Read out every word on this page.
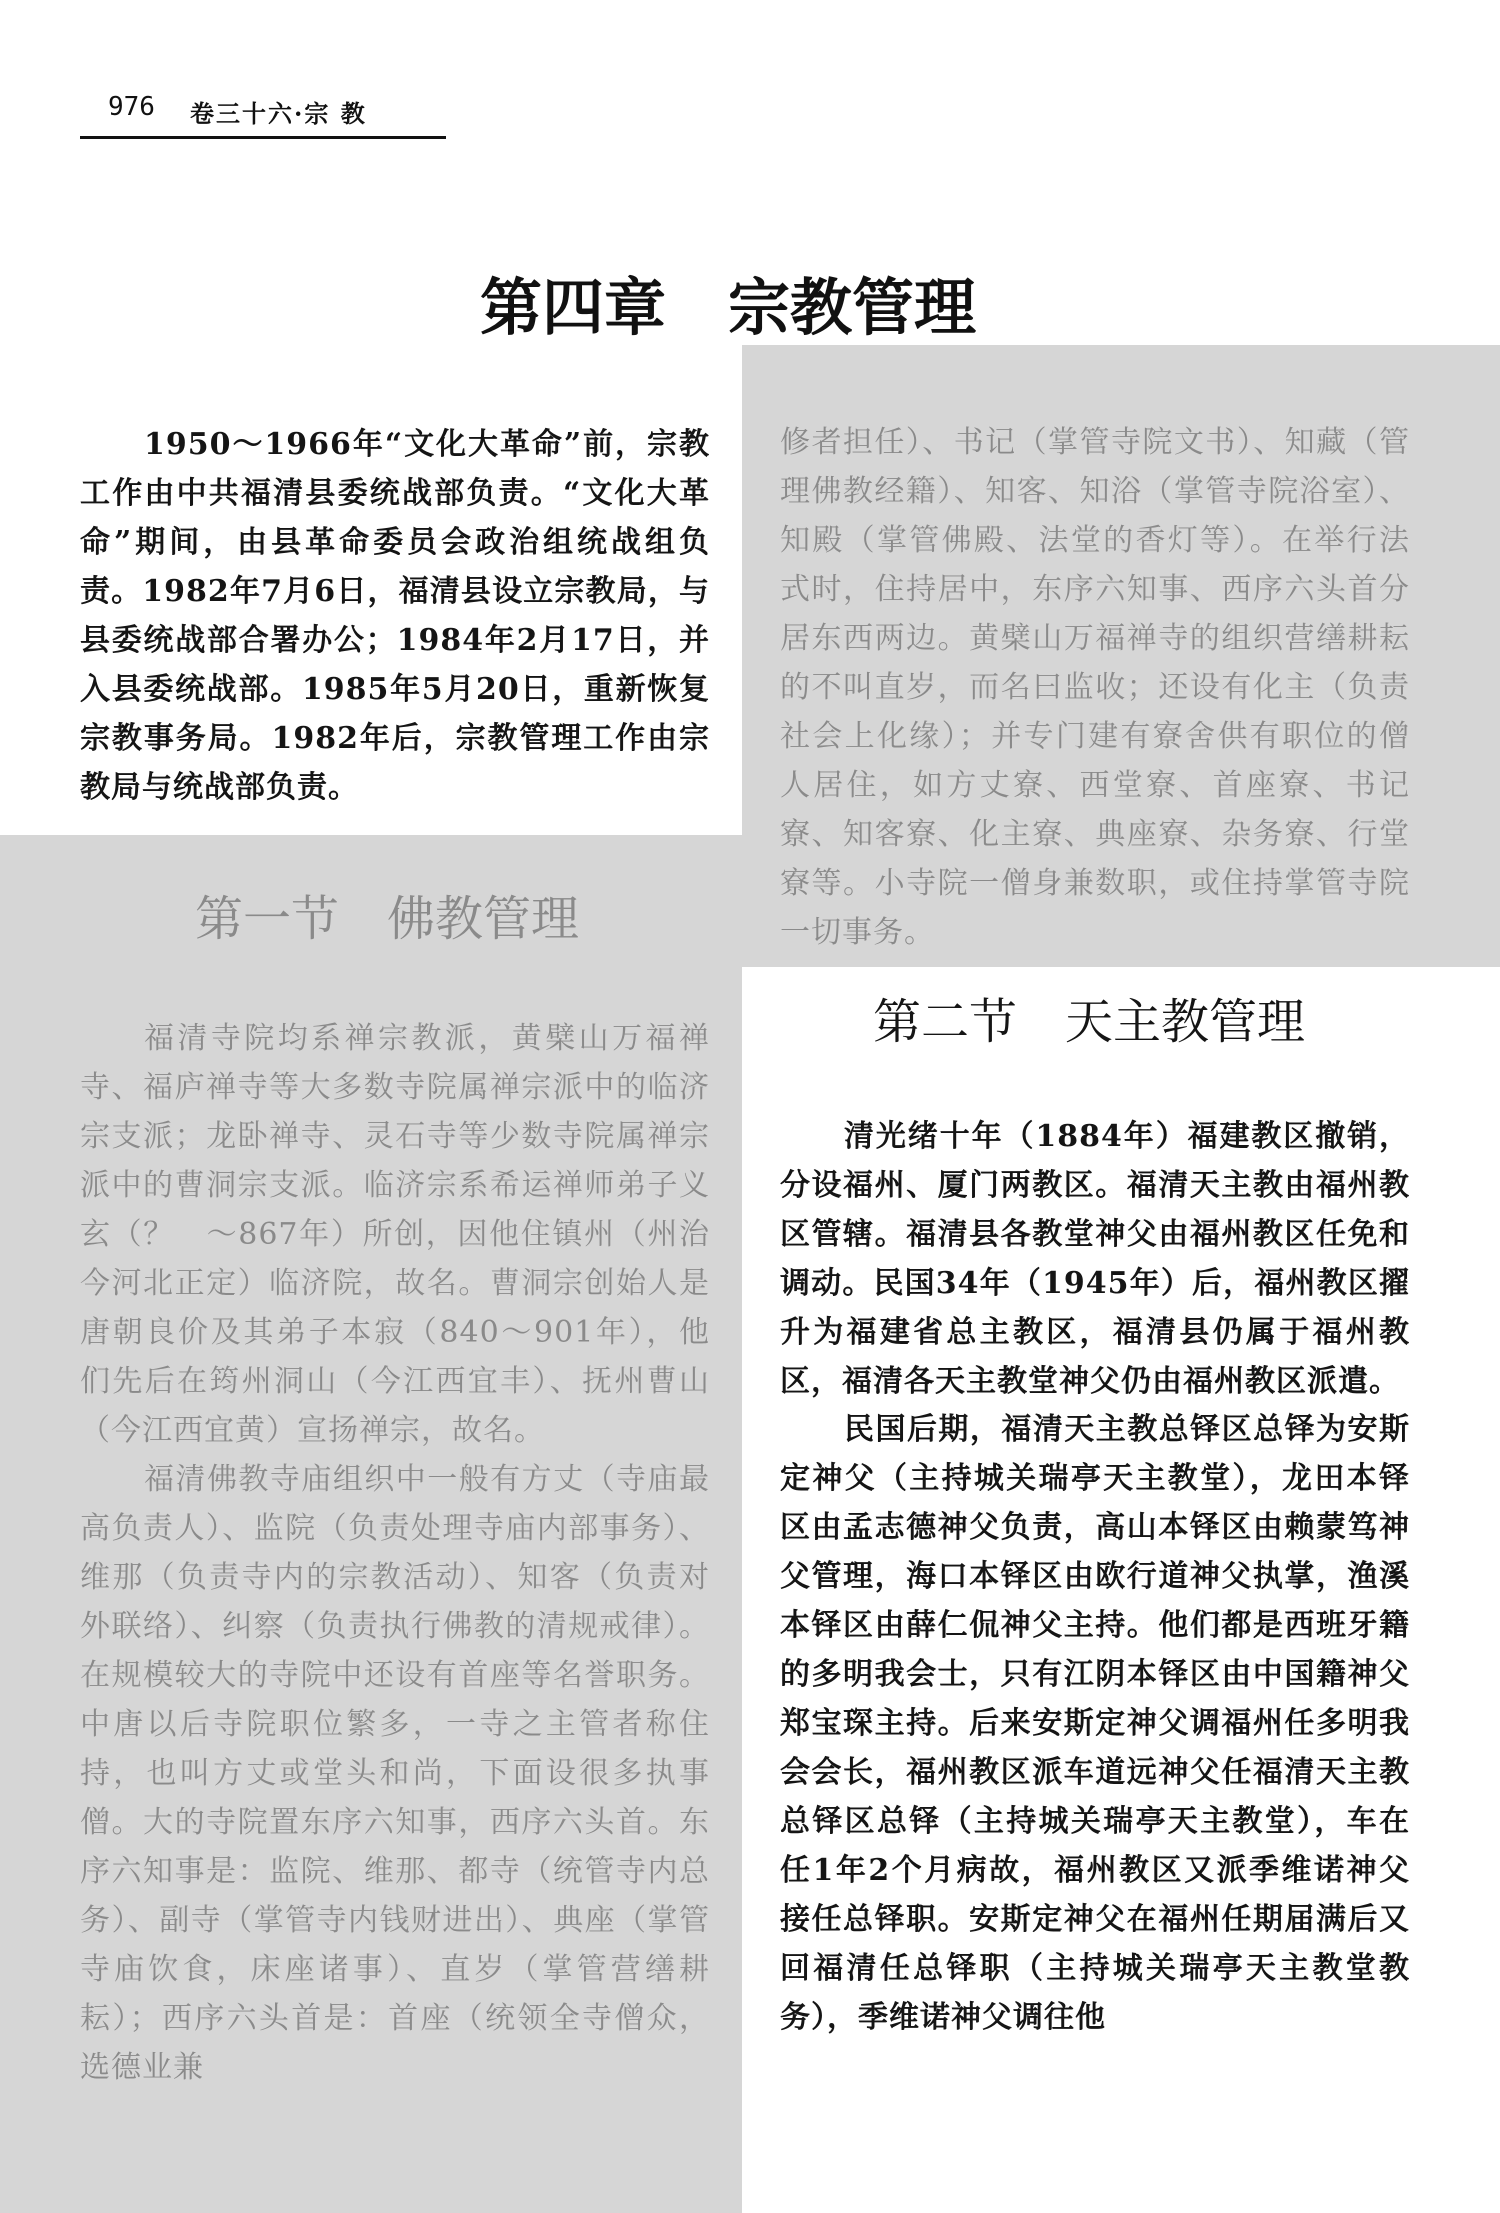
976 卷三十六·宗 教
第四章　宗教管理

1950～1966年“文化大革命”前，宗教工作由中共福清县委统战部负责。“文化大革命”期间，由县革命委员会政治组统战组负责。1982年7月6日，福清县设立宗教局，与县委统战部合署办公；1984年2月17日，并入县委统战部。1985年5月20日，重新恢复宗教事务局。1982年后，宗教管理工作由宗教局与统战部负责。

第一节　佛教管理

福清寺院均系禅宗教派，黄檗山万福禅寺、福庐禅寺等大多数寺院属禅宗派中的临济宗支派；龙卧禅寺、灵石寺等少数寺院属禅宗派中的曹洞宗支派。临济宗系希运禅师弟子义玄（？　～867年）所创，因他住镇州（州治今河北正定）临济院，故名。曹洞宗创始人是唐朝良价及其弟子本寂（840～901年），他们先后在筠州洞山（今江西宜丰）、抚州曹山（今江西宜黄）宣扬禅宗，故名。

福清佛教寺庙组织中一般有方丈（寺庙最高负责人）、监院（负责处理寺庙内部事务）、维那（负责寺内的宗教活动）、知客（负责对外联络）、纠察（负责执行佛教的清规戒律）。在规模较大的寺院中还设有首座等名誉职务。中唐以后寺院职位繁多，一寺之主管者称住持，也叫方丈或堂头和尚，下面设很多执事僧。大的寺院置东序六知事，西序六头首。东序六知事是：监院、维那、都寺（统管寺内总务）、副寺（掌管寺内钱财进出）、典座（掌管寺庙饮食，床座诸事）、直岁（掌管营缮耕耘）；西序六头首是：首座（统领全寺僧众，选德业兼

修者担任）、书记（掌管寺院文书）、知藏（管理佛教经籍）、知客、知浴（掌管寺院浴室）、知殿（掌管佛殿、法堂的香灯等）。在举行法式时，住持居中，东序六知事、西序六头首分居东西两边。黄檗山万福禅寺的组织营缮耕耘的不叫直岁，而名曰监收；还设有化主（负责社会上化缘）；并专门建有寮舍供有职位的僧人居住，如方丈寮、西堂寮、首座寮、书记寮、知客寮、化主寮、典座寮、杂务寮、行堂寮等。小寺院一僧身兼数职，或住持掌管寺院一切事务。

第二节　天主教管理

清光绪十年（1884年）福建教区撤销，分设福州、厦门两教区。福清天主教由福州教区管辖。福清县各教堂神父由福州教区任免和调动。民国34年（1945年）后，福州教区擢升为福建省总主教区，福清县仍属于福州教区，福清各天主教堂神父仍由福州教区派遣。

民国后期，福清天主教总铎区总铎为安斯定神父（主持城关瑞亭天主教堂），龙田本铎区由孟志德神父负责，高山本铎区由赖蒙笃神父管理，海口本铎区由欧行道神父执掌，渔溪本铎区由薛仁侃神父主持。他们都是西班牙籍的多明我会士，只有江阴本铎区由中国籍神父郑宝琛主持。后来安斯定神父调福州任多明我会会长，福州教区派车道远神父任福清天主教总铎区总铎（主持城关瑞亭天主教堂），车在任1年2个月病故，福州教区又派季维诺神父接任总铎职。安斯定神父在福州任期届满后又回福清任总铎职（主持城关瑞亭天主教堂教务），季维诺神父调往他
